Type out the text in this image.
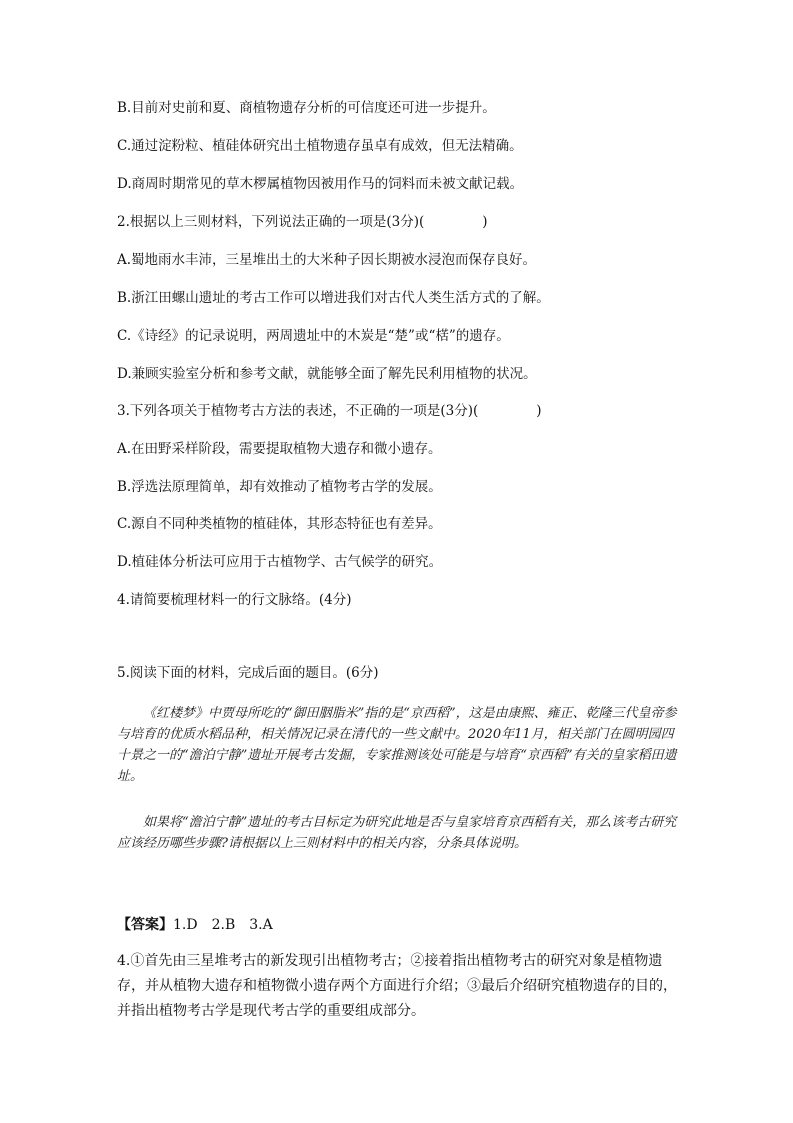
B.目前对史前和夏、商植物遗存分析的可信度还可进一步提升。
C.通过淀粉粒、植硅体研究出土植物遗存虽卓有成效，但无法精确。
D.商周时期常见的草木椤属植物因被用作马的饲料而未被文献记载。
2.根据以上三则材料，下列说法正确的一项是(3分)(	)
A.蜀地雨水丰沛，三星堆出土的大米种子因长期被水浸泡而保存良好。
B.浙江田螺山遗址的考古工作可以增进我们对古代人类生活方式的了解。
C.《诗经》的记录说明，两周遗址中的木炭是“楚”或“楛”的遗存。
D.兼顾实验室分析和参考文献，就能够全面了解先民利用植物的状况。
3.下列各项关于植物考古方法的表述，不正确的一项是(3分)(	)
A.在田野采样阶段，需要提取植物大遗存和微小遗存。
B.浮选法原理简单，却有效推动了植物考古学的发展。
C.源自不同种类植物的植硅体，其形态特征也有差异。
D.植硅体分析法可应用于古植物学、古气候学的研究。
4.请简要梳理材料一的行文脉络。(4分)
5.阅读下面的材料，完成后面的题目。(6分)

《红楼梦》中贾母所吃的“御田胭脂米”指的是“京西稻”，这是由康熙、雍正、乾隆三代皇帝参与培育的优质水稻品种，相关情况记录在清代的一些文献中。2020年11月，相关部门在圆明园四十景之一的“澹泊宁静”遗址开展考古发掘，专家推测该处可能是与培育“京西稻”有关的皇家稻田遗址。

如果将“澹泊宁静”遗址的考古目标定为研究此地是否与皇家培育京西稻有关，那么该考古研究应该经历哪些步骤?请根据以上三则材料中的相关内容，分条具体说明。

【答案】1.D　2.B　3.A
4.①首先由三星堆考古的新发现引出植物考古；②接着指出植物考古的研究对象是植物遗存，并从植物大遗存和植物微小遗存两个方面进行介绍；③最后介绍研究植物遗存的目的，并指出植物考古学是现代考古学的重要组成部分。
